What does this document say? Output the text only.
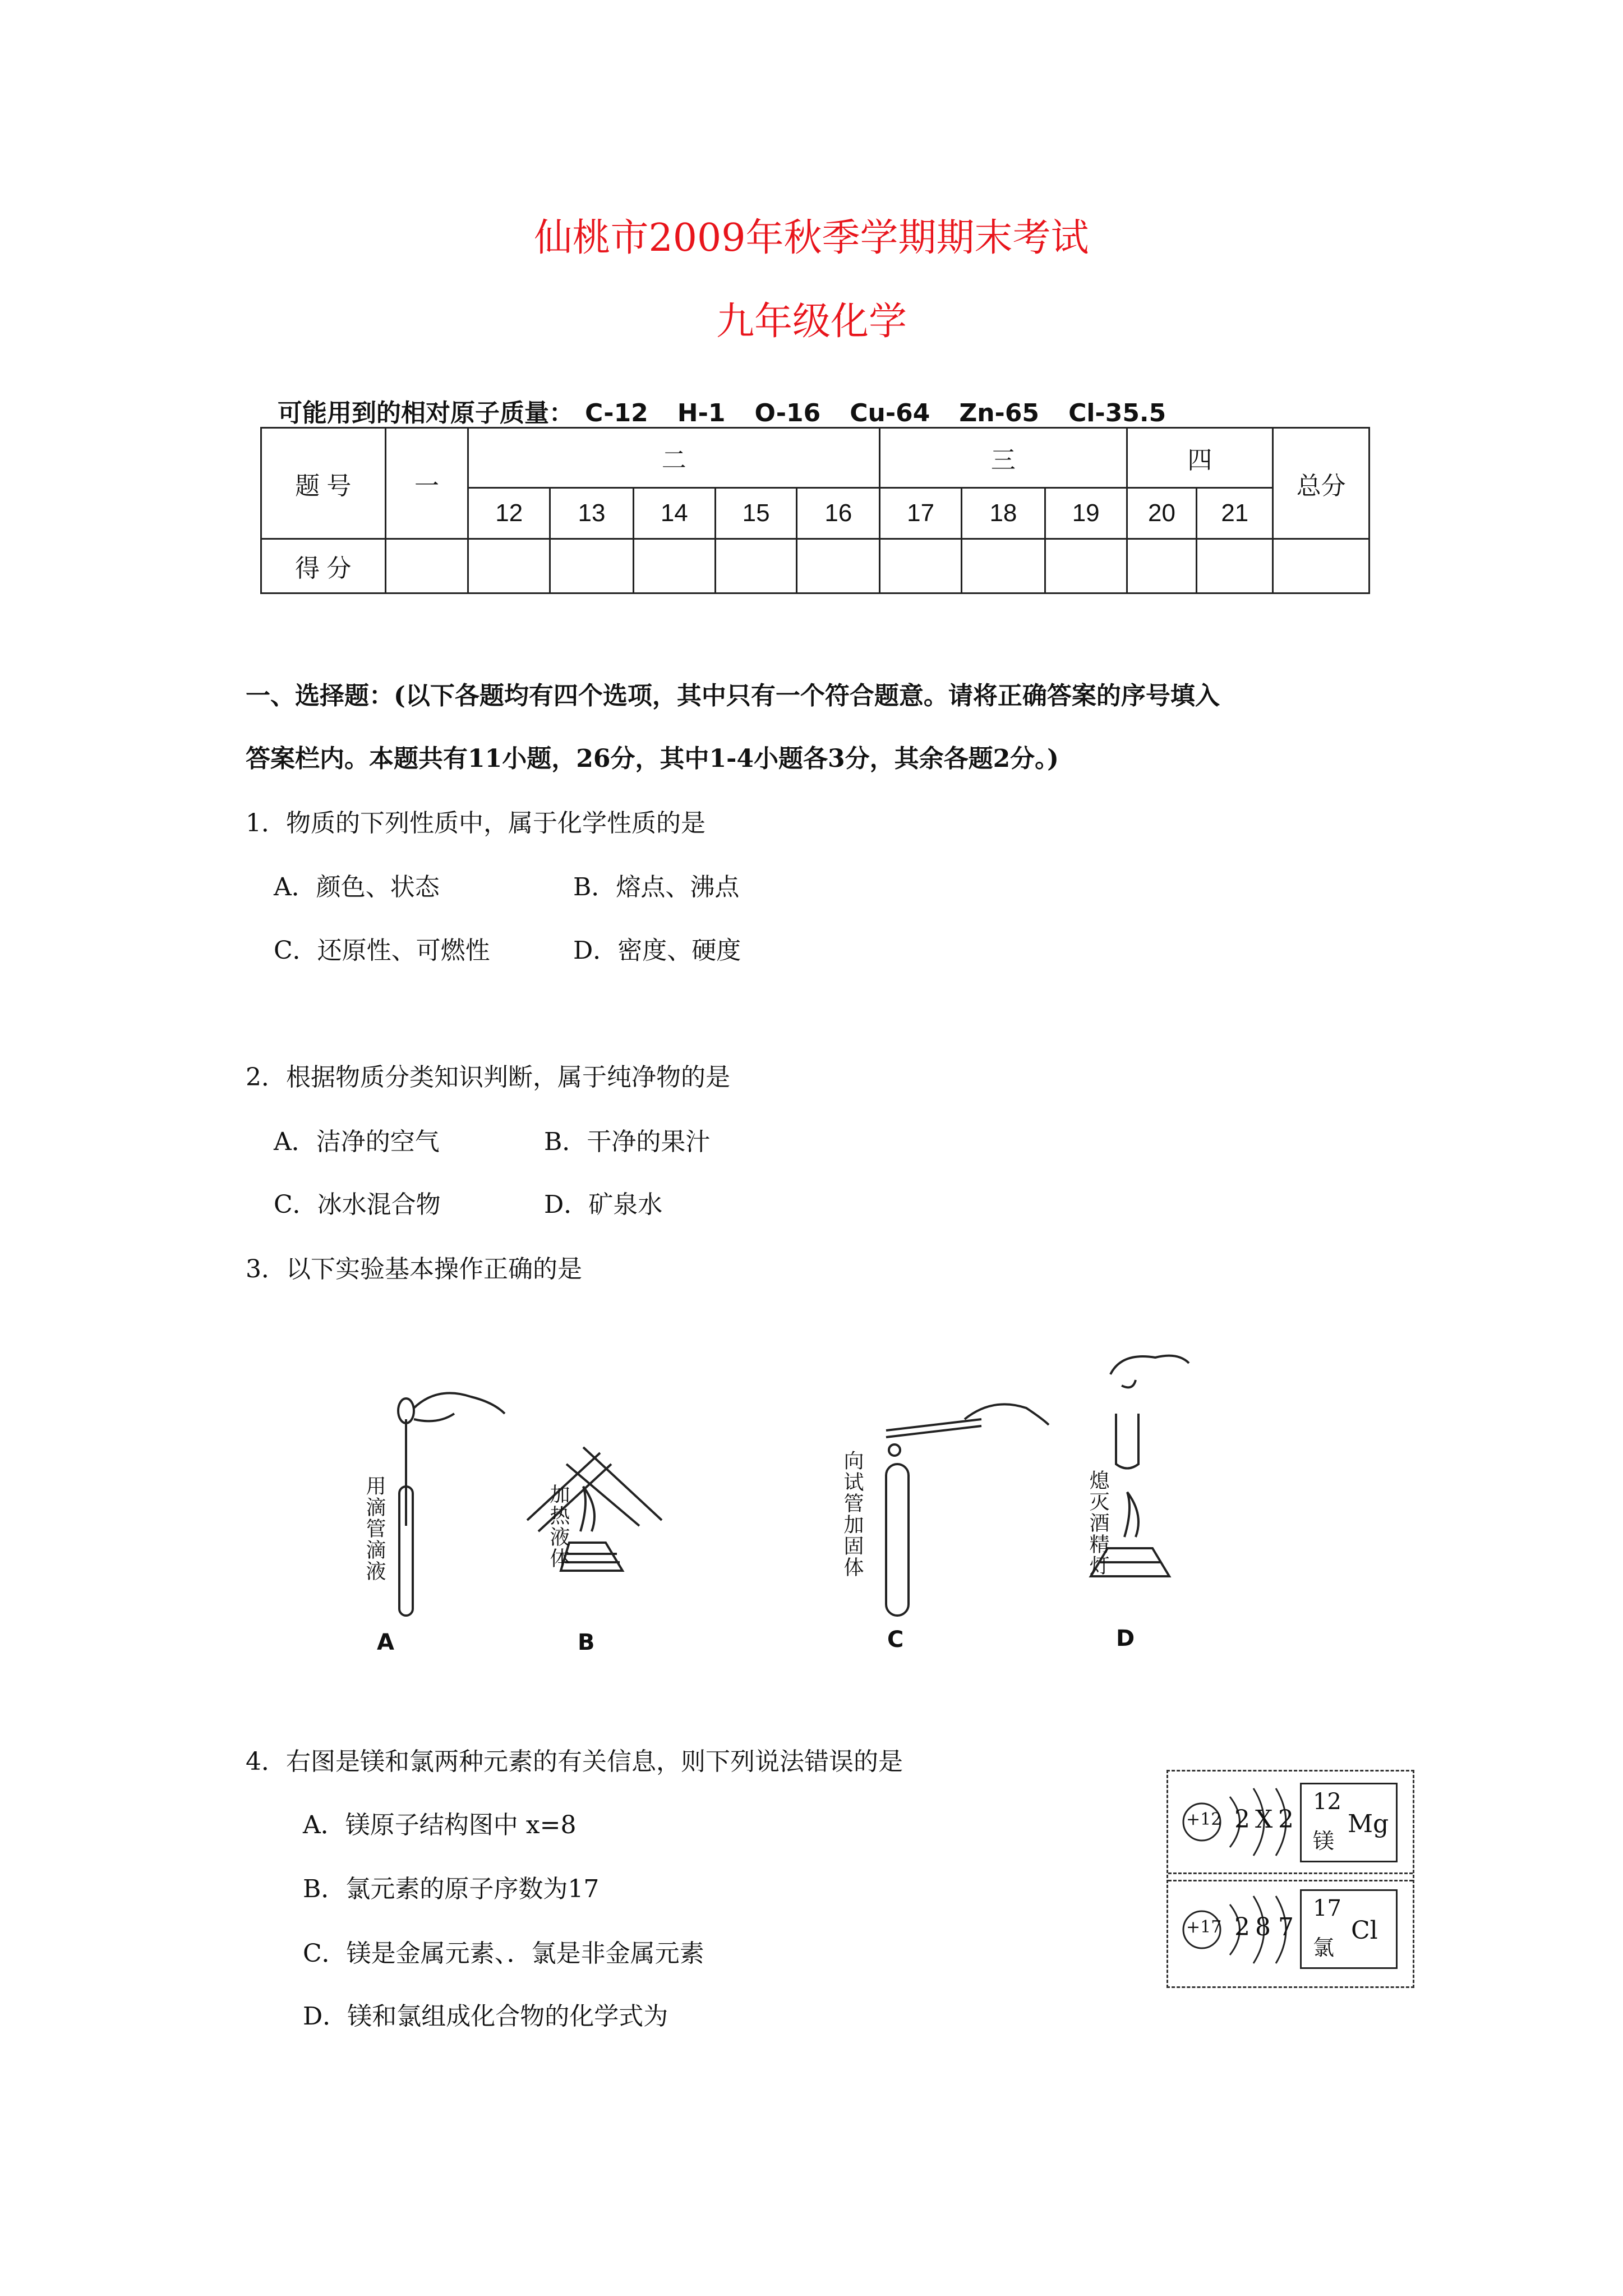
仙桃市2009年秋季学期期末考试
九年级化学
可能用到的相对原子质量： C-12 H-1 O-16 Cu-64 Zn-65 Cl-35.5
题 号	一	二					三			四		总分
		12	13	14	15	16	17	18	19	20	21	
得 分												
一、选择题：(以下各题均有四个选项，其中只有一个符合题意。请将正确答案的序号填入
答案栏内。本题共有11小题，26分，其中1-4小题各3分，其余各题2分。)
1．物质的下列性质中，属于化学性质的是
A．颜色、状态	B．熔点、沸点
C．还原性、可燃性	D．密度、硬度
2．根据物质分类知识判断，属于纯净物的是
A．洁净的空气	B．干净的果汁
C．冰水混合物	D．矿泉水
3．以下实验基本操作正确的是
用滴管滴液	加热液体	向试管加固体	熄灭酒精灯
A	B	C	D
4．右图是镁和氯两种元素的有关信息，则下列说法错误的是
A．镁原子结构图中 x=8
B．氯元素的原子序数为17
C．镁是金属元素、．氯是非金属元素
D．镁和氯组成化合物的化学式为
+12 2 X 2
+17 2 8 7
12
镁
Mg
17
氯
Cl
